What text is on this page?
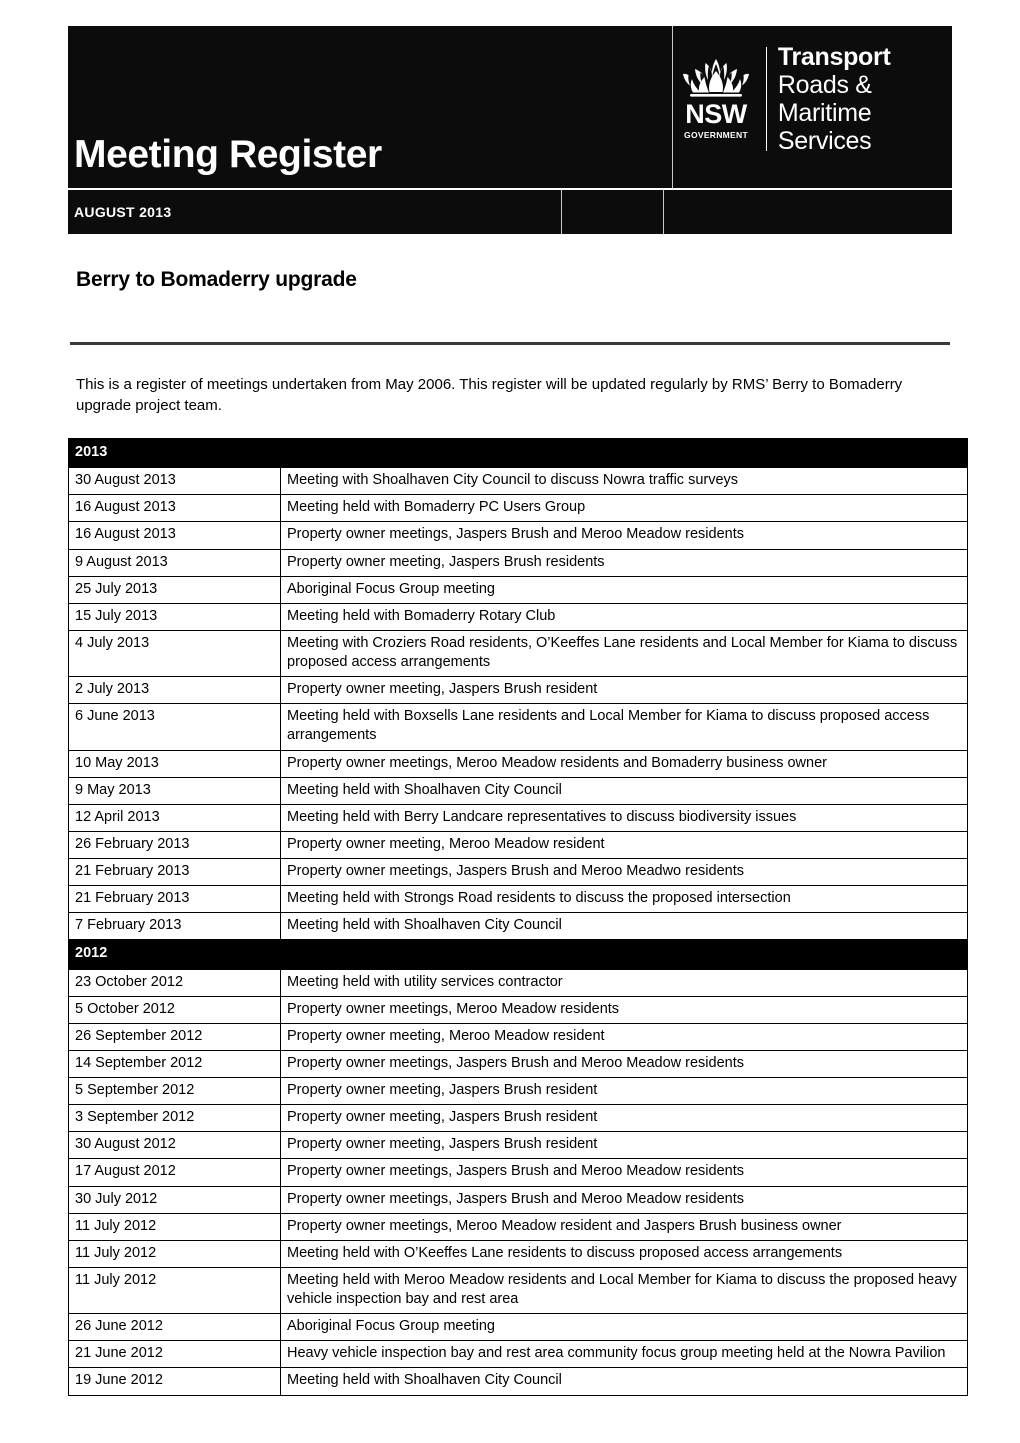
Meeting Register
NSW
GOVERNMENT
Transport
Roads & Maritime
Services
AUGUST 2013
Berry to Bomaderry upgrade
This is a register of meetings undertaken from May 2006. This register will be updated regularly by RMS’ Berry to Bomaderry upgrade project team.
2013	
30 August 2013	Meeting with Shoalhaven City Council to discuss Nowra traffic surveys
16 August 2013	Meeting held with Bomaderry PC Users Group
16 August 2013	Property owner meetings, Jaspers Brush and Meroo Meadow residents
9 August 2013	Property owner meeting, Jaspers Brush residents
25 July 2013	Aboriginal Focus Group meeting
15 July 2013	Meeting held with Bomaderry Rotary Club
4 July 2013	Meeting with Croziers Road residents, O’Keeffes Lane residents and Local Member for Kiama to discuss proposed access arrangements
2 July 2013	Property owner meeting, Jaspers Brush resident
6 June 2013	Meeting held with Boxsells Lane residents and Local Member for Kiama to discuss proposed access arrangements
10 May 2013	Property owner meetings, Meroo Meadow residents and Bomaderry business owner
9 May 2013	Meeting held with Shoalhaven City Council
12 April 2013	Meeting held with Berry Landcare representatives to discuss biodiversity issues
26 February 2013	Property owner meeting, Meroo Meadow resident
21 February 2013	Property owner meetings, Jaspers Brush and Meroo Meadwo residents
21 February 2013	Meeting held with Strongs Road residents to discuss the proposed intersection
7 February 2013	Meeting held with Shoalhaven City Council
2012	
23 October 2012	Meeting held with utility services contractor
5 October 2012	Property owner meetings, Meroo Meadow residents
26 September 2012	Property owner meeting, Meroo Meadow resident
14 September 2012	Property owner meetings, Jaspers Brush and Meroo Meadow residents
5 September 2012	Property owner meeting, Jaspers Brush resident
3 September 2012	Property owner meeting, Jaspers Brush resident
30 August 2012	Property owner meeting, Jaspers Brush resident
17 August 2012	Property owner meetings, Jaspers Brush and Meroo Meadow residents
30 July 2012	Property owner meetings, Jaspers Brush and Meroo Meadow residents
11 July 2012	Property owner meetings, Meroo Meadow resident and Jaspers Brush business owner
11 July 2012	Meeting held with O’Keeffes Lane residents to discuss proposed access arrangements
11 July 2012	Meeting held with Meroo Meadow residents and Local Member for Kiama to discuss the proposed heavy vehicle inspection bay and rest area
26 June 2012	Aboriginal Focus Group meeting
21 June 2012	Heavy vehicle inspection bay and rest area community focus group meeting held at the Nowra Pavilion
19 June 2012	Meeting held with Shoalhaven City Council
